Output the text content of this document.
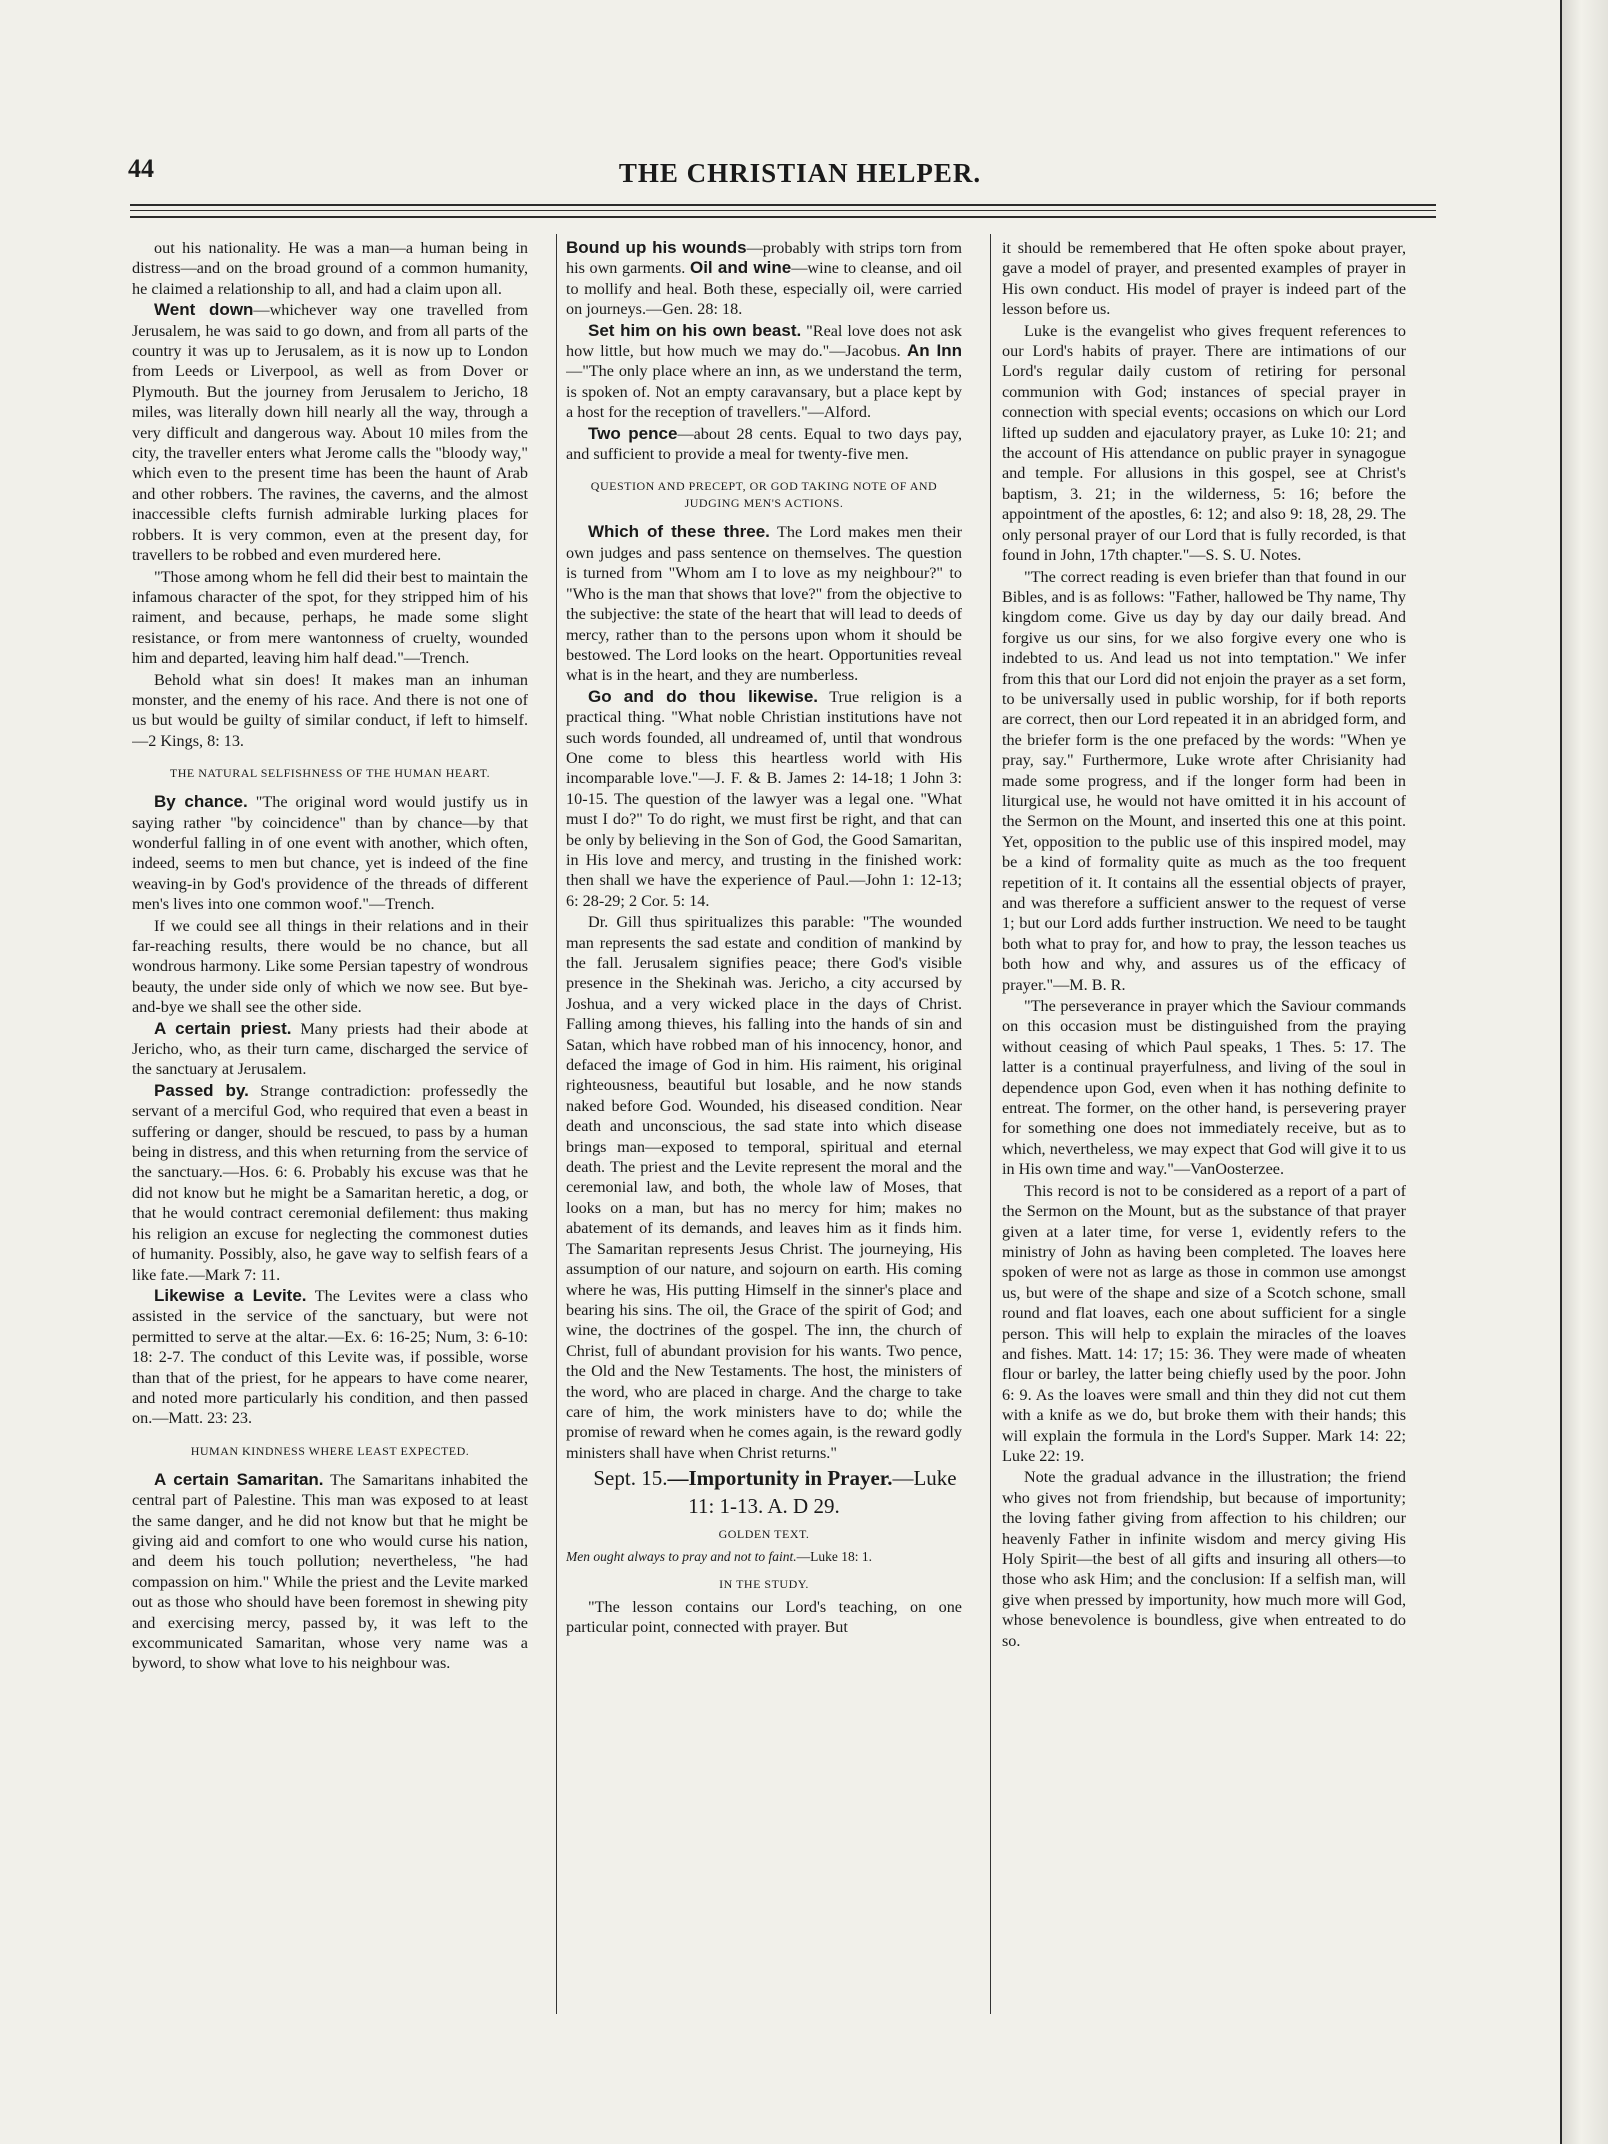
44	THE CHRISTIAN HELPER.

out his nationality. He was a man—a human being in distress—and on the broad ground of a common humanity, he claimed a relationship to all, and had a claim upon all.

Went down—whichever way one travelled from Jerusalem, he was said to go down, and from all parts of the country it was up to Jerusalem, as it is now up to London from Leeds or Liverpool, as well as from Dover or Plymouth. But the journey from Jerusalem to Jericho, 18 miles, was literally down hill nearly all the way, through a very difficult and dangerous way. About 10 miles from the city, the traveller enters what Jerome calls the "bloody way," which even to the present time has been the haunt of Arab and other robbers. The ravines, the caverns, and the almost inaccessible clefts furnish admirable lurking places for robbers. It is very common, even at the present day, for travellers to be robbed and even murdered here.

"Those among whom he fell did their best to maintain the infamous character of the spot, for they stripped him of his raiment, and because, perhaps, he made some slight resistance, or from mere wantonness of cruelty, wounded him and departed, leaving him half dead."—Trench.

Behold what sin does! It makes man an inhuman monster, and the enemy of his race. And there is not one of us but would be guilty of similar conduct, if left to himself.—2 Kings, 8: 13.

THE NATURAL SELFISHNESS OF THE HUMAN HEART.

By chance. "The original word would justify us in saying rather "by coincidence" than by chance—by that wonderful falling in of one event with another, which often, indeed, seems to men but chance, yet is indeed of the fine weaving-in by God's providence of the threads of different men's lives into one common woof."—Trench.

If we could see all things in their relations and in their far-reaching results, there would be no chance, but all wondrous harmony. Like some Persian tapestry of wondrous beauty, the under side only of which we now see. But bye-and-bye we shall see the other side.

A certain priest. Many priests had their abode at Jericho, who, as their turn came, discharged the service of the sanctuary at Jerusalem.

Passed by. Strange contradiction: professedly the servant of a merciful God, who required that even a beast in suffering or danger, should be rescued, to pass by a human being in distress, and this when returning from the service of the sanctuary.—Hos. 6: 6. Probably his excuse was that he did not know but he might be a Samaritan heretic, a dog, or that he would contract ceremonial defilement: thus making his religion an excuse for neglecting the commonest duties of humanity. Possibly, also, he gave way to selfish fears of a like fate.—Mark 7: 11.

Likewise a Levite. The Levites were a class who assisted in the service of the sanctuary, but were not permitted to serve at the altar.—Ex. 6: 16-25; Num, 3: 6-10: 18: 2-7. The conduct of this Levite was, if possible, worse than that of the priest, for he appears to have come nearer, and noted more particularly his condition, and then passed on.—Matt. 23: 23.

HUMAN KINDNESS WHERE LEAST EXPECTED.

A certain Samaritan. The Samaritans inhabited the central part of Palestine. This man was exposed to at least the same danger, and he did not know but that he might be giving aid and comfort to one who would curse his nation, and deem his touch pollution; nevertheless, "he had compassion on him." While the priest and the Levite marked out as those who should have been foremost in shewing pity and exercising mercy, passed by, it was left to the excommunicated Samaritan, whose very name was a byword, to show what love to his neighbour was.

Bound up his wounds—probably with strips torn from his own garments. Oil and wine—wine to cleanse, and oil to mollify and heal. Both these, especially oil, were carried on journeys.—Gen. 28: 18.

Set him on his own beast. "Real love does not ask how little, but how much we may do."—Jacobus. An Inn—"The only place where an inn, as we understand the term, is spoken of. Not an empty caravansary, but a place kept by a host for the reception of travellers."—Alford.

Two pence—about 28 cents. Equal to two days pay, and sufficient to provide a meal for twenty-five men.

QUESTION AND PRECEPT, OR GOD TAKING NOTE OF AND JUDGING MEN'S ACTIONS.

Which of these three. The Lord makes men their own judges and pass sentence on themselves. The question is turned from "Whom am I to love as my neighbour?" to "Who is the man that shows that love?" from the objective to the subjective: the state of the heart that will lead to deeds of mercy, rather than to the persons upon whom it should be bestowed. The Lord looks on the heart. Opportunities reveal what is in the heart, and they are numberless.

Go and do thou likewise. True religion is a practical thing. "What noble Christian institutions have not such words founded, all undreamed of, until that wondrous One come to bless this heartless world with His incomparable love."—J. F. & B. James 2: 14-18; 1 John 3: 10-15. The question of the lawyer was a legal one. "What must I do?" To do right, we must first be right, and that can be only by believing in the Son of God, the Good Samaritan, in His love and mercy, and trusting in the finished work: then shall we have the experience of Paul.—John 1: 12-13; 6: 28-29; 2 Cor. 5: 14.

Dr. Gill thus spiritualizes this parable: "The wounded man represents the sad estate and condition of mankind by the fall. Jerusalem signifies peace; there God's visible presence in the Shekinah was. Jericho, a city accursed by Joshua, and a very wicked place in the days of Christ. Falling among thieves, his falling into the hands of sin and Satan, which have robbed man of his innocency, honor, and defaced the image of God in him. His raiment, his original righteousness, beautiful but losable, and he now stands naked before God. Wounded, his diseased condition. Near death and unconscious, the sad state into which disease brings man—exposed to temporal, spiritual and eternal death. The priest and the Levite represent the moral and the ceremonial law, and both, the whole law of Moses, that looks on a man, but has no mercy for him; makes no abatement of its demands, and leaves him as it finds him. The Samaritan represents Jesus Christ. The journeying, His assumption of our nature, and sojourn on earth. His coming where he was, His putting Himself in the sinner's place and bearing his sins. The oil, the Grace of the spirit of God; and wine, the doctrines of the gospel. The inn, the church of Christ, full of abundant provision for his wants. Two pence, the Old and the New Testaments. The host, the ministers of the word, who are placed in charge. And the charge to take care of him, the work ministers have to do; while the promise of reward when he comes again, is the reward godly ministers shall have when Christ returns."

Sept. 15.—Importunity in Prayer.—Luke
11: 1-13. A. D 29.

GOLDEN TEXT.

Men ought always to pray and not to faint.—Luke 18: 1.

IN THE STUDY.

"The lesson contains our Lord's teaching, on one particular point, connected with prayer. But

it should be remembered that He often spoke about prayer, gave a model of prayer, and presented examples of prayer in His own conduct. His model of prayer is indeed part of the lesson before us.

Luke is the evangelist who gives frequent references to our Lord's habits of prayer. There are intimations of our Lord's regular daily custom of retiring for personal communion with God; instances of special prayer in connection with special events; occasions on which our Lord lifted up sudden and ejaculatory prayer, as Luke 10: 21; and the account of His attendance on public prayer in synagogue and temple. For allusions in this gospel, see at Christ's baptism, 3. 21; in the wilderness, 5: 16; before the appointment of the apostles, 6: 12; and also 9: 18, 28, 29. The only personal prayer of our Lord that is fully recorded, is that found in John, 17th chapter."—S. S. U. Notes.

"The correct reading is even briefer than that found in our Bibles, and is as follows: "Father, hallowed be Thy name, Thy kingdom come. Give us day by day our daily bread. And forgive us our sins, for we also forgive every one who is indebted to us. And lead us not into temptation." We infer from this that our Lord did not enjoin the prayer as a set form, to be universally used in public worship, for if both reports are correct, then our Lord repeated it in an abridged form, and the briefer form is the one prefaced by the words: "When ye pray, say." Furthermore, Luke wrote after Chrisianity had made some progress, and if the longer form had been in liturgical use, he would not have omitted it in his account of the Sermon on the Mount, and inserted this one at this point. Yet, opposition to the public use of this inspired model, may be a kind of formality quite as much as the too frequent repetition of it. It contains all the essential objects of prayer, and was therefore a sufficient answer to the request of verse 1; but our Lord adds further instruction. We need to be taught both what to pray for, and how to pray, the lesson teaches us both how and why, and assures us of the efficacy of prayer."—M. B. R.

"The perseverance in prayer which the Saviour commands on this occasion must be distinguished from the praying without ceasing of which Paul speaks, 1 Thes. 5: 17. The latter is a continual prayerfulness, and living of the soul in dependence upon God, even when it has nothing definite to entreat. The former, on the other hand, is persevering prayer for something one does not immediately receive, but as to which, nevertheless, we may expect that God will give it to us in His own time and way."—VanOosterzee.

This record is not to be considered as a report of a part of the Sermon on the Mount, but as the substance of that prayer given at a later time, for verse 1, evidently refers to the ministry of John as having been completed. The loaves here spoken of were not as large as those in common use amongst us, but were of the shape and size of a Scotch schone, small round and flat loaves, each one about sufficient for a single person. This will help to explain the miracles of the loaves and fishes. Matt. 14: 17; 15: 36. They were made of wheaten flour or barley, the latter being chiefly used by the poor. John 6: 9. As the loaves were small and thin they did not cut them with a knife as we do, but broke them with their hands; this will explain the formula in the Lord's Supper. Mark 14: 22; Luke 22: 19.

Note the gradual advance in the illustration; the friend who gives not from friendship, but because of importunity; the loving father giving from affection to his children; our heavenly Father in infinite wisdom and mercy giving His Holy Spirit—the best of all gifts and insuring all others—to those who ask Him; and the conclusion: If a selfish man, will give when pressed by importunity, how much more will God, whose benevolence is boundless, give when entreated to do so.
